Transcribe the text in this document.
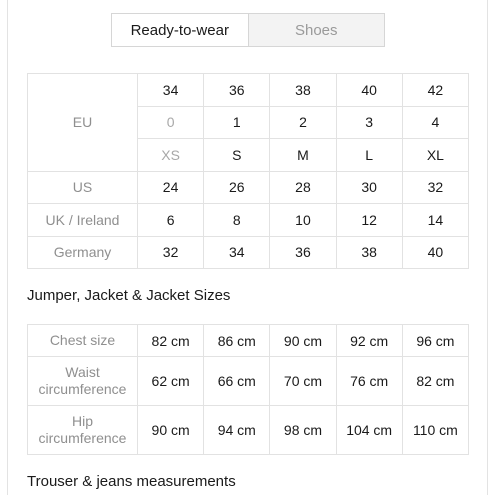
Ready-to-wear	Shoes
EU	34	36	38	40	42
	0	1	2	3	4
	XS	S	M	L	XL
US	24	26	28	30	32
UK / Ireland	6	8	10	12	14
Germany	32	34	36	38	40
Jumper, Jacket & Jacket Sizes
Chest size	82 cm	86 cm	90 cm	92 cm	96 cm
Waist circumference	62 cm	66 cm	70 cm	76 cm	82 cm
Hip circumference	90 cm	94 cm	98 cm	104 cm	110 cm
Trouser & jeans measurements
